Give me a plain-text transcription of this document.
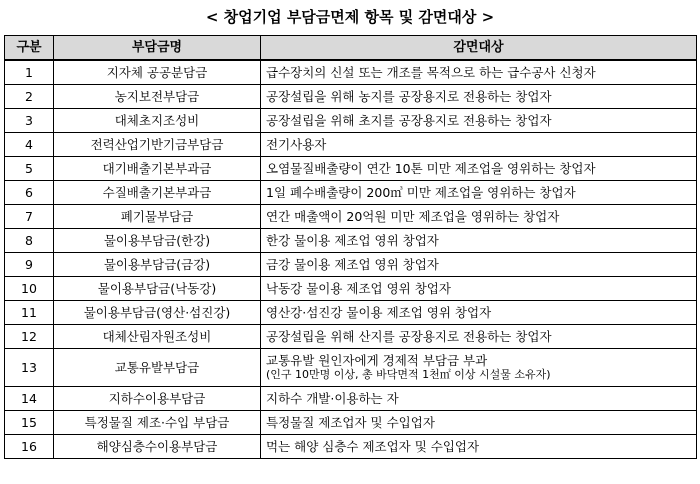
< 창업기업 부담금면제 항목 및 감면대상 >
구분	부담금명	감면대상
1	지자체 공공분담금	급수장치의 신설 또는 개조를 목적으로 하는 급수공사 신청자
2	농지보전부담금	공장설립을 위해 농지를 공장용지로 전용하는 창업자
3	대체초지조성비	공장설립을 위해 초지를 공장용지로 전용하는 창업자
4	전력산업기반기금부담금	전기사용자
5	대기배출기본부과금	오염물질배출량이 연간 10톤 미만 제조업을 영위하는 창업자
6	수질배출기본부과금	1일 폐수배출량이 200㎥ 미만 제조업을 영위하는 창업자
7	폐기물부담금	연간 매출액이 20억원 미만 제조업을 영위하는 창업자
8	물이용부담금(한강)	한강 물이용 제조업 영위 창업자
9	물이용부담금(금강)	금강 물이용 제조업 영위 창업자
10	물이용부담금(낙동강)	낙동강 물이용 제조업 영위 창업자
11	물이용부담금(영산·섬진강)	영산강·섬진강 물이용 제조업 영위 창업자
12	대체산림자원조성비	공장설립을 위해 산지를 공장용지로 전용하는 창업자
13	교통유발부담금	교통유발 원인자에게 경제적 부담금 부과
(인구 10만명 이상, 총 바닥면적 1천㎡ 이상 시설물 소유자)

14	지하수이용부담금	지하수 개발·이용하는 자
15	특정물질 제조·수입 부담금	특정물질 제조업자 및 수입업자
16	해양심층수이용부담금	먹는 해양 심층수 제조업자 및 수입업자
